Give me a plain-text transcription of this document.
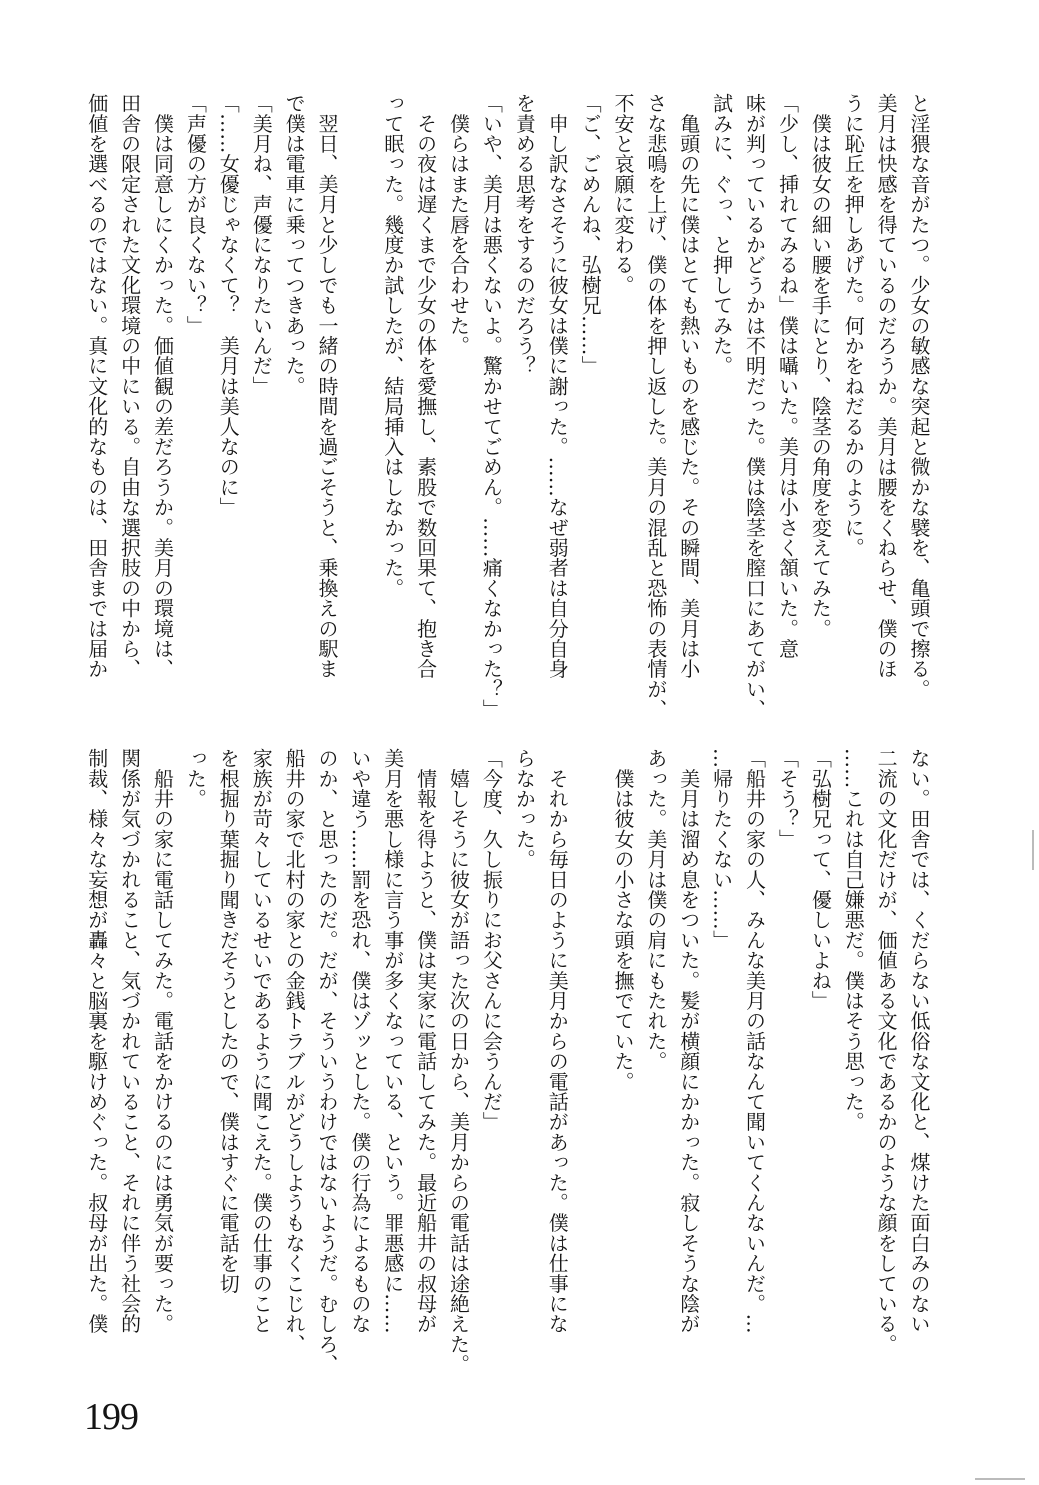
と淫猥な音がたつ。少女の敏感な突起と微かな襞を、亀頭で擦る。
美月は快感を得ているのだろうか。美月は腰をくねらせ、僕のほ
うに恥丘を押しあげた。何かをねだるかのように。
　僕は彼女の細い腰を手にとり、陰茎の角度を変えてみた。
「少し、挿れてみるね」僕は囁いた。美月は小さく頷いた。意
味が判っているかどうかは不明だった。僕は陰茎を膣口にあてがい、
試みに、ぐっ、と押してみた。
　亀頭の先に僕はとても熱いものを感じた。その瞬間、美月は小
さな悲鳴を上げ、僕の体を押し返した。美月の混乱と恐怖の表情が、
不安と哀願に変わる。
「ご、ごめんね、弘樹兄……」
　申し訳なさそうに彼女は僕に謝った。……なぜ弱者は自分自身
を責める思考をするのだろう？
「いや、美月は悪くないよ。驚かせてごめん。……痛くなかった？」
　僕らはまた唇を合わせた。
　その夜は遅くまで少女の体を愛撫し、素股で数回果て、抱き合
って眠った。幾度か試したが、結局挿入はしなかった。
　翌日、美月と少しでも一緒の時間を過ごそうと、乗換えの駅ま
で僕は電車に乗ってつきあった。
「美月ね、声優になりたいんだ」
「……女優じゃなくて？　美月は美人なのに」
「声優の方が良くない？」
　僕は同意しにくかった。価値観の差だろうか。美月の環境は、
田舎の限定された文化環境の中にいる。自由な選択肢の中から、
価値を選べるのではない。真に文化的なものは、田舎までは届か
ない。田舎では、くだらない低俗な文化と、煤けた面白みのない
二流の文化だけが、価値ある文化であるかのような顔をしている。
……これは自己嫌悪だ。僕はそう思った。
「弘樹兄って、優しいよね」
「そう？」
「船井の家の人、みんな美月の話なんて聞いてくんないんだ。…
…帰りたくない……」
　美月は溜め息をついた。髪が横顔にかかった。寂しそうな陰が
あった。美月は僕の肩にもたれた。
　僕は彼女の小さな頭を撫でていた。
　それから毎日のように美月からの電話があった。僕は仕事にな
らなかった。
「今度、久し振りにお父さんに会うんだ」
　嬉しそうに彼女が語った次の日から、美月からの電話は途絶えた。
　情報を得ようと、僕は実家に電話してみた。最近船井の叔母が
美月を悪し様に言う事が多くなっている、という。罪悪感に……
いや違う……罰を恐れ、僕はゾッとした。僕の行為によるものな
のか、と思ったのだ。だが、そういうわけではないようだ。むしろ、
船井の家で北村の家との金銭トラブルがどうしようもなくこじれ、
家族が苛々しているせいであるように聞こえた。僕の仕事のこと
を根掘り葉掘り聞きだそうとしたので、僕はすぐに電話を切
った。
　船井の家に電話してみた。電話をかけるのには勇気が要った。
関係が気づかれること、気づかれていること、それに伴う社会的
制裁、様々な妄想が轟々と脳裏を駆けめぐった。叔母が出た。僕
199
